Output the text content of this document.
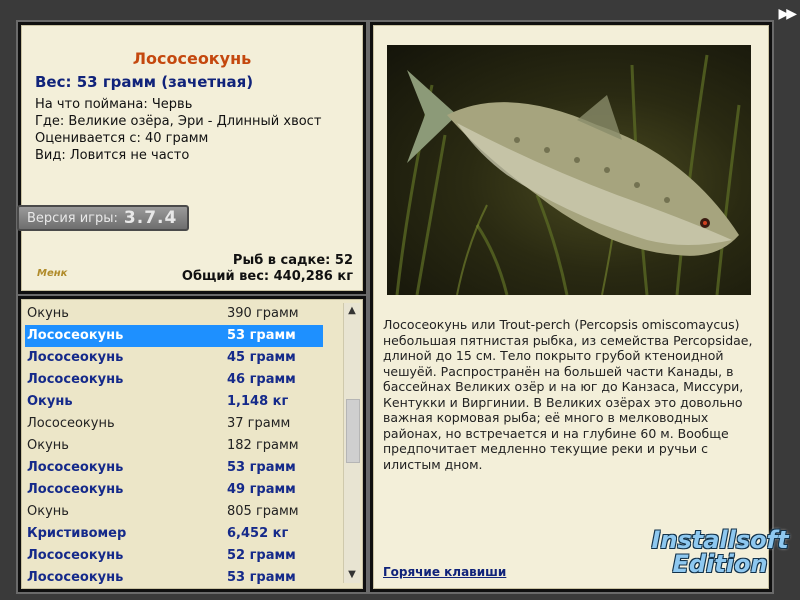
▶▶
Лососеокунь
Вес: 53 грамм (зачетная)
На что поймана: Червь
Где: Великие озёра, Эри - Длинный хвост
Оценивается с: 40 грамм
Вид: Ловится не часто
Версия игры: 3.7.4
Менк
Рыб в садке: 52
Общий вес: 440,286 кг
Окунь	390 грамм
Лососеокунь	53 грамм
Лососеокунь	45 грамм
Лососеокунь	46 грамм
Окунь	1,148 кг
Лососеокунь	37 грамм
Окунь	182 грамм
Лососеокунь	53 грамм
Лососеокунь	49 грамм
Окунь	805 грамм
Кристивомер	6,452 кг
Лососеокунь	52 грамм
Лососеокунь	53 грамм
▲
▼
Лососеокунь или Trout-perch (Percopsis omiscomaycus) небольшая пятнистая рыбка, из семейства Percopsidae, длиной до 15 см. Тело покрыто грубой ктеноидной чешуёй. Распространён на большей части Канады, в бассейнах Великих озёр и на юг до Канзаса, Миссури, Кентукки и Виргинии. В Великих озёрах это довольно важная кормовая рыба; её много в мелководных районах, но встречается и на глубине 60 м. Вообще предпочитает медленно текущие реки и ручьи с илистым дном.
Горячие клавиши
Installsoft
Edition
